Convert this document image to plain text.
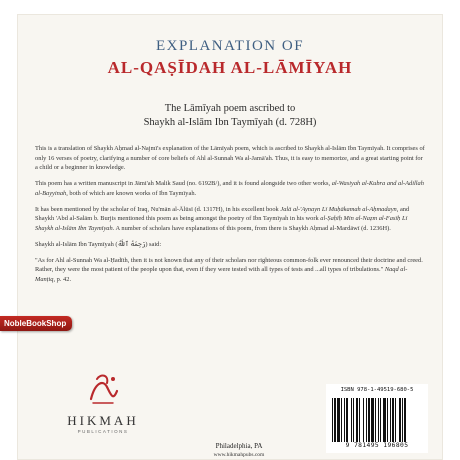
EXPLANATION OF
AL-QAṢĪDAH AL-LĀMĪYAH
The Lāmīyah poem ascribed to
Shaykh al-Islām Ibn Taymīyah (d. 728H)

This is a translation of Shaykh Aḥmad al-Najmī's explanation of the Lāmīyah poem, which is ascribed to Shaykh al-Islām Ibn Taymīyah. It comprises of only 16 verses of poetry, clarifying a number of core beliefs of Ahl al-Sunnah Wa al-Jamā'ah. Thus, it is easy to memorize, and a great starting point for a child or a beginner in knowledge.

This poem has a written manuscript in Jāmi'ah Malik Saud (no. 6192B/), and it is found alongside two other works, al-Wasiyah al-Kubra and al-Adillah al-Bayyinah, both of which are known works of Ibn Taymīyah.

It has been mentioned by the scholar of Iraq, Nu'mān al-Ālūsī (d. 1317H), in his excellent book Jalā al-'Aynayn Lī Muḥākamah al-Aḥmadayn, and Shaykh 'Abd al-Salām b. Burjis mentioned this poem as being amongst the poetry of Ibn Taymīyah in his work al-Ṣaḥīḥ Min al-Naẓm al-Fasīḥ Lī Shaykh al-Islām Ibn Taymīyah. A number of scholars have explanations of this poem, from there is Shaykh Aḥmad al-Mardāwī (d. 1236H).

Shaykh al-Islām Ibn Taymīyah (رَحِمَهُ ٱللَّهُ) said:

"As for Ahl al-Sunnah Wa al-Ḥadīth, then it is not known that any of their scholars nor righteous common-folk ever renounced their doctrine and creed. Rather, they were the most patient of the people upon that, even if they were tested with all types of tests and ...all types of tribulations." Naqd al-Manṭiq, p. 42.

HIKMAH
PUBLICATIONS
Philadelphia, PA
www.hikmahpubs.com
ISBN 978-1-49519-680-5
9 781495 196805
NobleBookShop
